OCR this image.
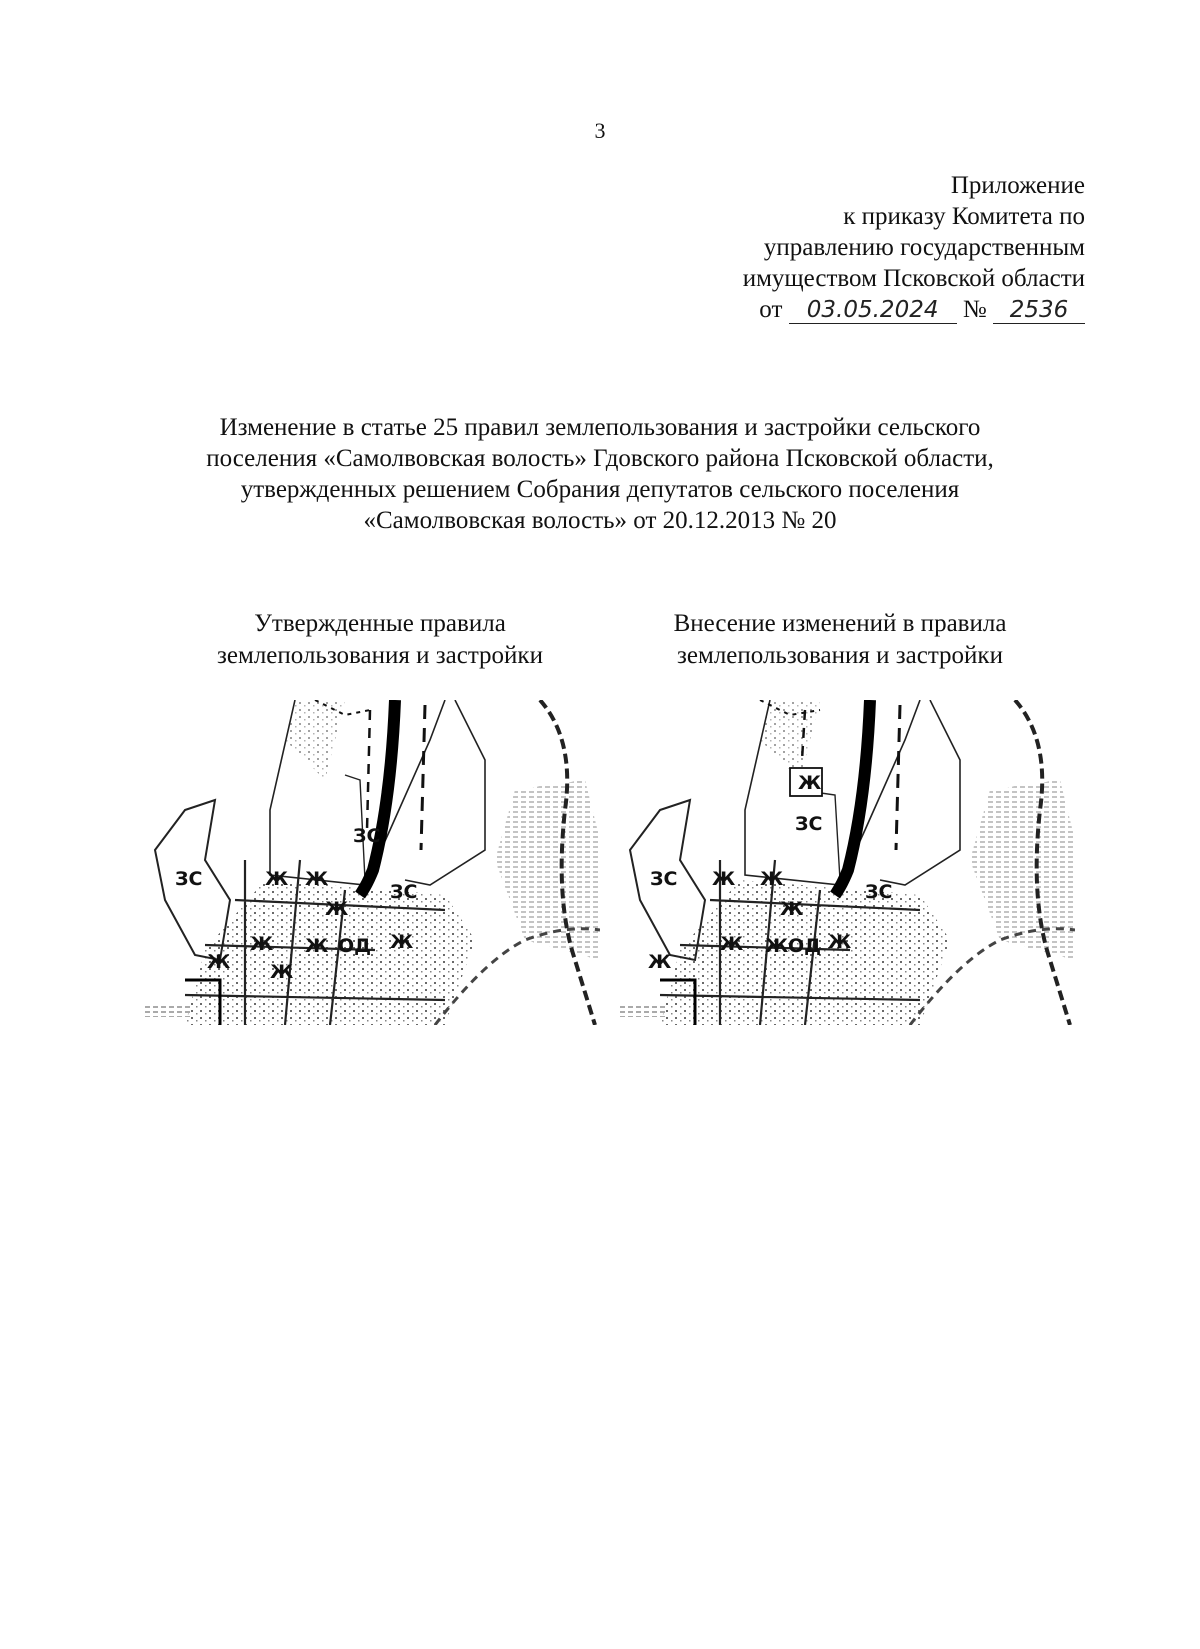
3
Приложение
к приказу Комитета по
управлению государственным
имуществом Псковской области
от 03.05.2024 № 2536
Изменение в статье 25 правил землепользования и застройки сельского
поселения «Самолвовская волость» Гдовского района Псковской области,
утвержденных решением Собрания депутатов сельского поселения
«Самолвовская волость» от 20.12.2013 № 20
Утвержденные правила
землепользования и застройки
Внесение изменений в правила
землепользования и застройки
ЗС
ЗС
ЗС
Ж Ж
Ж
Ж Ж	Ж
Ж Ж
ОД
Ж
ЗС
ЗС
ЗС
Ж Ж
Ж
Ж Ж Ж
Ж
ОД
